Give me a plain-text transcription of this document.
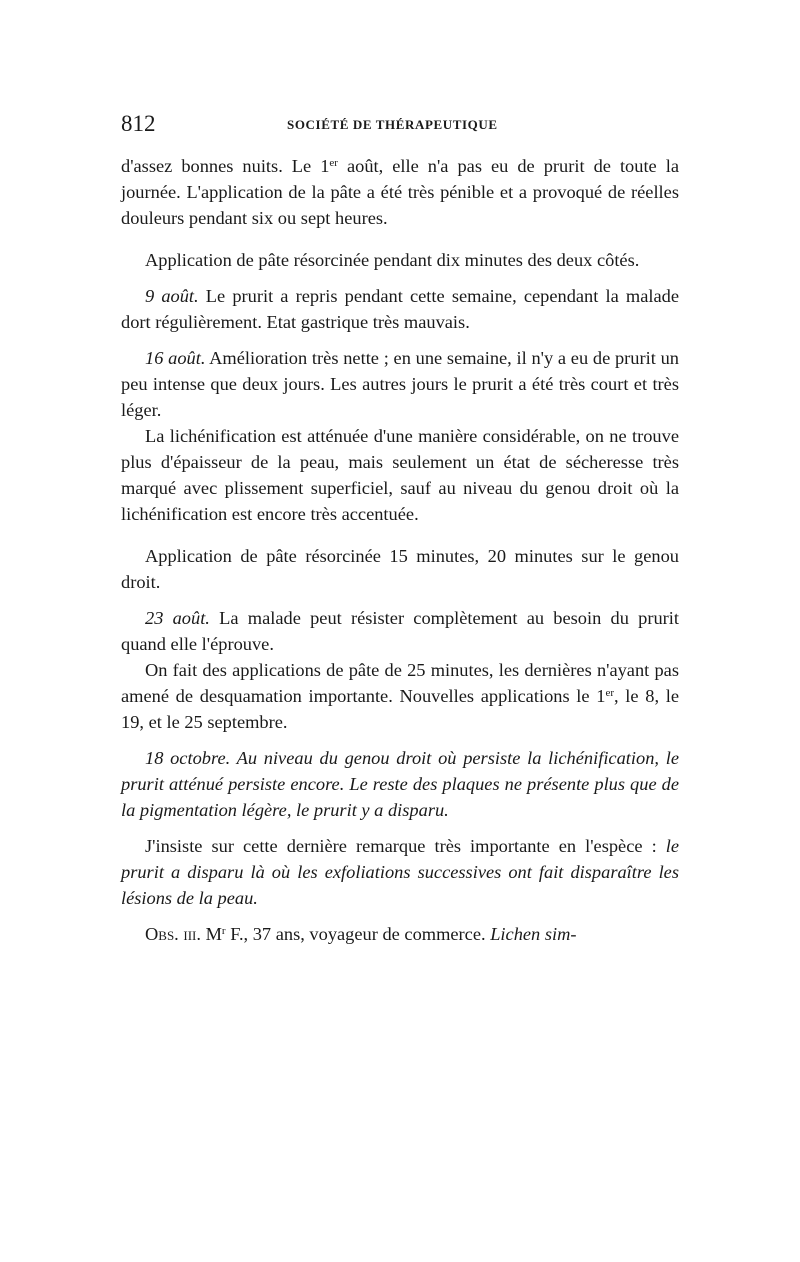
812	SOCIÉTÉ DE THÉRAPEUTIQUE

d'assez bonnes nuits. Le 1er août, elle n'a pas eu de prurit de toute la journée. L'application de la pâte a été très pénible et a provoqué de réelles douleurs pendant six ou sept heures.

Application de pâte résorcinée pendant dix minutes des deux côtés.

9 août. Le prurit a repris pendant cette semaine, cependant la malade dort régulièrement. Etat gastrique très mauvais.

16 août. Amélioration très nette ; en une semaine, il n'y a eu de prurit un peu intense que deux jours. Les autres jours le prurit a été très court et très léger.

La lichénification est atténuée d'une manière considérable, on ne trouve plus d'épaisseur de la peau, mais seulement un état de sécheresse très marqué avec plissement superficiel, sauf au niveau du genou droit où la lichénification est encore très accentuée.

Application de pâte résorcinée 15 minutes, 20 minutes sur le genou droit.

23 août. La malade peut résister complètement au besoin du prurit quand elle l'éprouve.

On fait des applications de pâte de 25 minutes, les dernières n'ayant pas amené de desquamation importante. Nouvelles applications le 1er, le 8, le 19, et le 25 septembre.

18 octobre. Au niveau du genou droit où persiste la lichénification, le prurit atténué persiste encore. Le reste des plaques ne présente plus que de la pigmentation légère, le prurit y a disparu.

J'insiste sur cette dernière remarque très importante en l'espèce : le prurit a disparu là où les exfoliations successives ont fait disparaître les lésions de la peau.

Obs. iii. $M^r$ F., 37 ans, voyageur de commerce. Lichen sim-
